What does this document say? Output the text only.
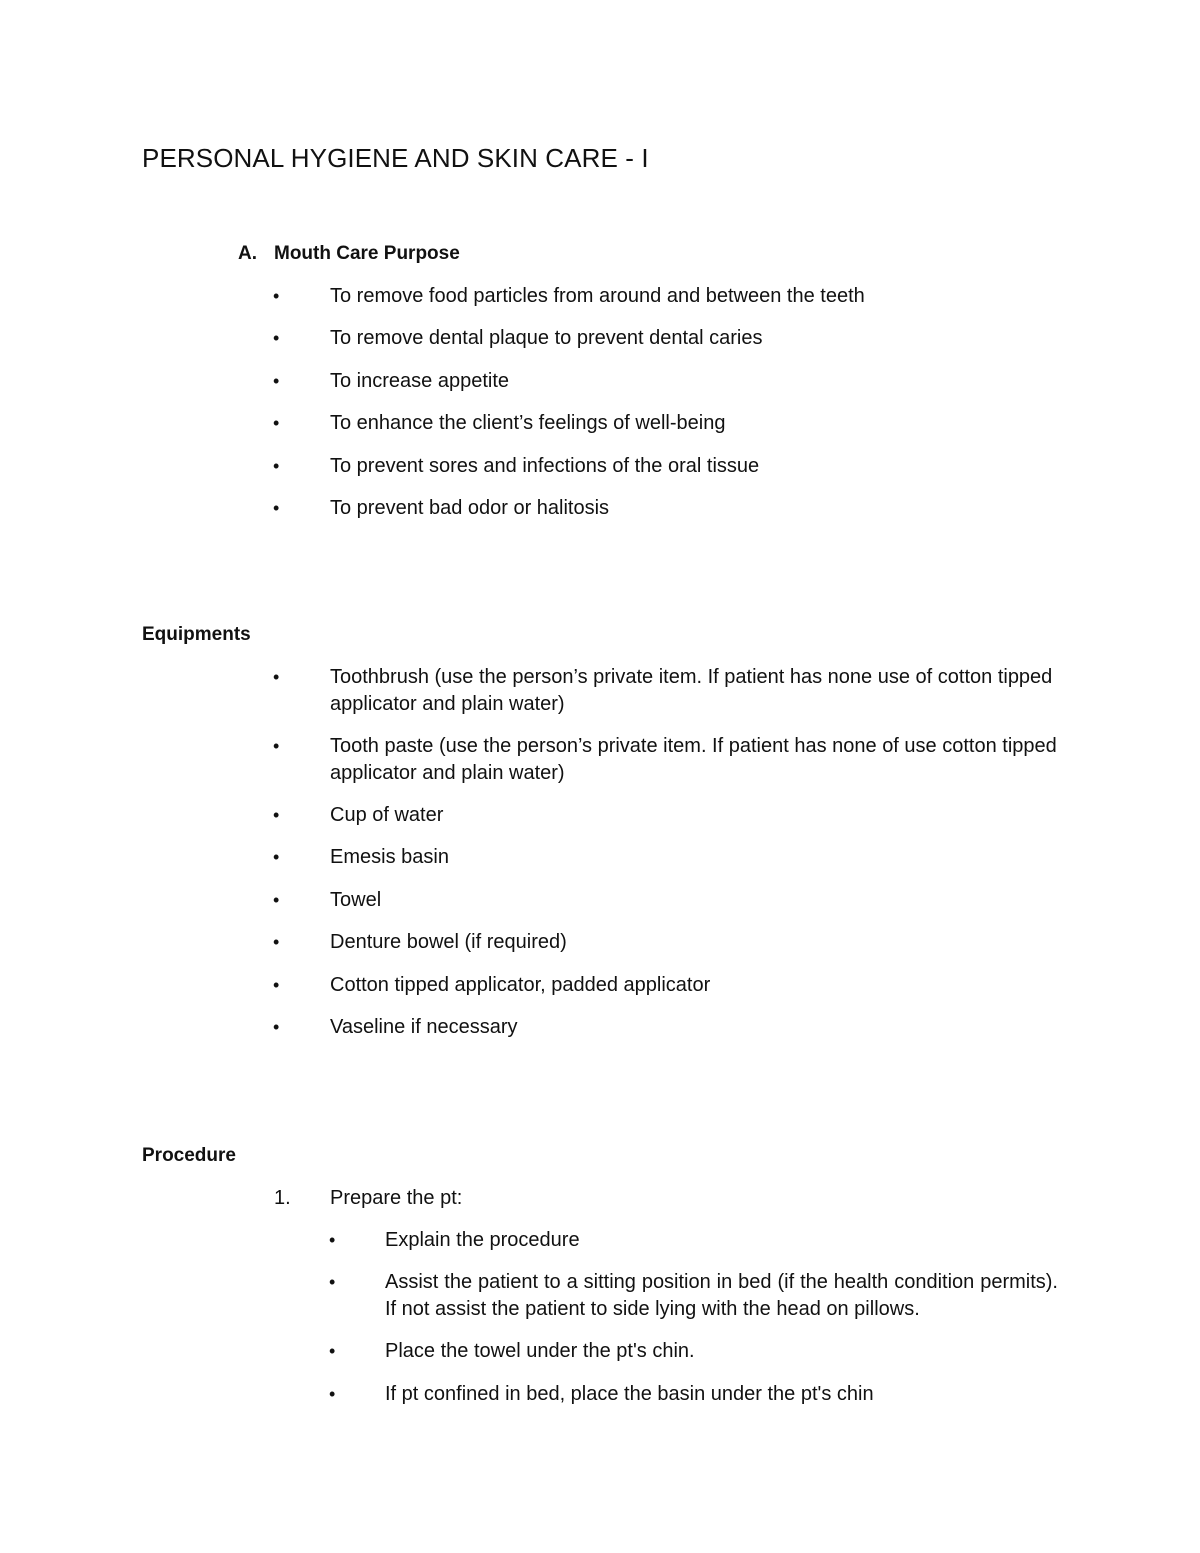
PERSONAL HYGIENE AND SKIN CARE - I
A. Mouth Care Purpose
•	To remove food particles from around and between the teeth
•	To remove dental plaque to prevent dental caries
•	To increase appetite
•	To enhance the client’s feelings of well-being
•	To prevent sores and infections of the oral tissue
•	To prevent bad odor or halitosis
Equipments
•	Toothbrush (use the person’s private item. If patient has none use of cotton tipped applicator and plain water)
•	Tooth paste (use the person’s private item. If patient has none of use cotton tipped applicator and plain water)
•	Cup of water
•	Emesis basin
•	Towel
•	Denture bowel (if required)
•	Cotton tipped applicator, padded applicator
•	Vaseline if necessary
Procedure
1. Prepare the pt:
• Explain the procedure
• Assist the patient to a sitting position in bed (if the health condition permits). If not assist the patient to side lying with the head on pillows.
• Place the towel under the pt's chin.
• If pt confined in bed, place the basin under the pt's chin
